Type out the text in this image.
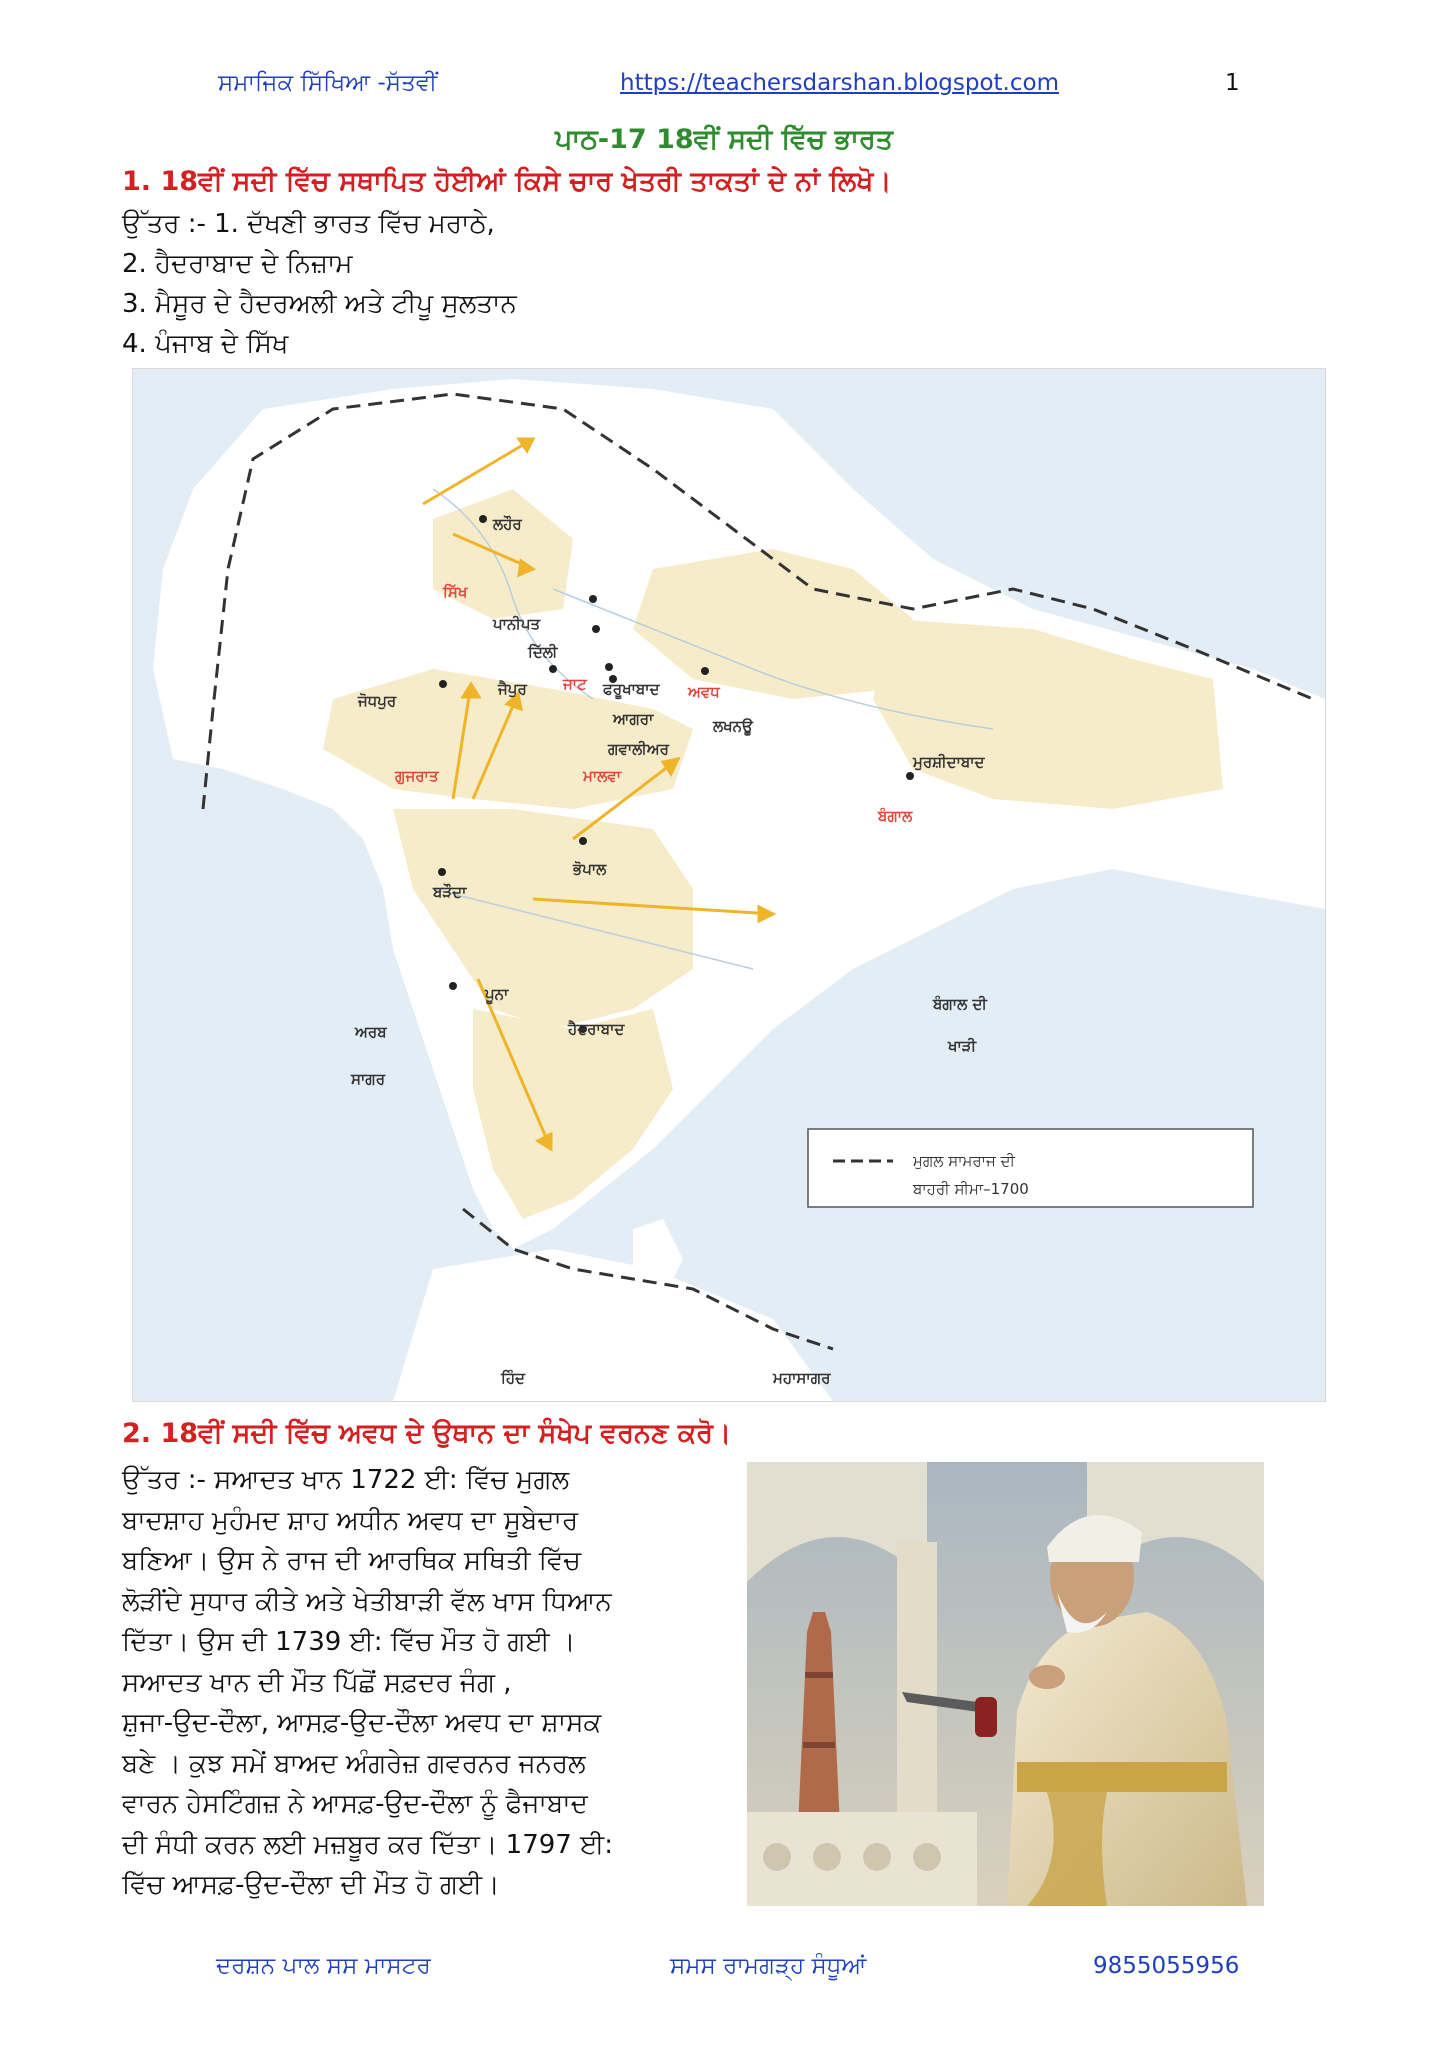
ਸਮਾਜਿਕ ਸਿੱਖਿਆ -ਸੱਤਵੀਂ	https://teachersdarshan.blogspot.com	1
ਪਾਠ-17 18ਵੀਂ ਸਦੀ ਵਿੱਚ ਭਾਰਤ
1. 18ਵੀਂ ਸਦੀ ਵਿੱਚ ਸਥਾਪਿਤ ਹੋਈਆਂ ਕਿਸੇ ਚਾਰ ਖੇਤਰੀ ਤਾਕਤਾਂ ਦੇ ਨਾਂ ਲਿਖੋ।
ਉੱਤਰ :- 1. ਦੱਖਣੀ ਭਾਰਤ ਵਿੱਚ ਮਰਾਠੇ,
2. ਹੈਦਰਾਬਾਦ ਦੇ ਨਿਜ਼ਾਮ
3. ਮੈਸੂਰ ਦੇ ਹੈਦਰਅਲੀ ਅਤੇ ਟੀਪੂ ਸੁਲਤਾਨ
4. ਪੰਜਾਬ ਦੇ ਸਿੱਖ
ਲਹੌਰ
ਸਿੱਖ
ਪਾਨੀਪਤ
ਦਿੱਲੀ
ਜੈਪੁਰ ਜਾਟ ਫਰੂਖਾਬਾਦ
ਜੋਧਪੁਰ
ਆਗਰਾ
ਗਵਾਲੀਅਰ
ਅਵਧ
ਲਖਨਊ
ਮੁਰਸ਼ੀਦਾਬਾਦ
ਗੁਜਰਾਤ	ਮਾਲਵਾ
ਭੋਪਾਲ
ਬੰਗਾਲ
ਬੜੌਦਾ
ਪੂਨਾ
ਹੈਦਰਾਬਾਦ
ਅਰਬ
ਸਾਗਰ
ਬੰਗਾਲ ਦੀ
ਖਾੜੀ
ਹਿੰਦ	ਮਹਾਸਾਗਰ
ਮੁਗਲ ਸਾਮਰਾਜ ਦੀ
ਬਾਹਰੀ ਸੀਮਾ–1700
2. 18ਵੀਂ ਸਦੀ ਵਿੱਚ ਅਵਧ ਦੇ ਉਥਾਨ ਦਾ ਸੰਖੇਪ ਵਰਨਣ ਕਰੋ।
ਉੱਤਰ :- ਸਆਦਤ ਖਾਨ 1722 ਈ: ਵਿੱਚ ਮੁਗਲ
ਬਾਦਸ਼ਾਹ ਮੁਹੰਮਦ ਸ਼ਾਹ ਅਧੀਨ ਅਵਧ ਦਾ ਸੂਬੇਦਾਰ
ਬਣਿਆ। ਉਸ ਨੇ ਰਾਜ ਦੀ ਆਰਥਿਕ ਸਥਿਤੀ ਵਿੱਚ
ਲੋੜੀਂਦੇ ਸੁਧਾਰ ਕੀਤੇ ਅਤੇ ਖੇਤੀਬਾੜੀ ਵੱਲ ਖਾਸ ਧਿਆਨ
ਦਿੱਤਾ। ਉਸ ਦੀ 1739 ਈ: ਵਿੱਚ ਮੌਤ ਹੋ ਗਈ ।
ਸਆਦਤ ਖਾਨ ਦੀ ਮੌਤ ਪਿੱਛੋਂ ਸਫ਼ਦਰ ਜੰਗ ,
ਸ਼ੁਜਾ-ਉਦ-ਦੌਲਾ, ਆਸਫ਼-ਉਦ-ਦੌਲਾ ਅਵਧ ਦਾ ਸ਼ਾਸਕ
ਬਣੇ । ਕੁਝ ਸਮੇਂ ਬਾਅਦ ਅੰਗਰੇਜ਼ ਗਵਰਨਰ ਜਨਰਲ
ਵਾਰਨ ਹੇਸਟਿੰਗਜ਼ ਨੇ ਆਸਫ਼-ਉਦ-ਦੌਲਾ ਨੂੰ ਫੈਜਾਬਾਦ
ਦੀ ਸੰਧੀ ਕਰਨ ਲਈ ਮਜ਼ਬੂਰ ਕਰ ਦਿੱਤਾ। 1797 ਈ:
ਵਿੱਚ ਆਸਫ਼-ਉਦ-ਦੌਲਾ ਦੀ ਮੌਤ ਹੋ ਗਈ।
ਦਰਸ਼ਨ ਪਾਲ ਸਸ ਮਾਸਟਰ	ਸਮਸ ਰਾਮਗੜ੍ਹ ਸੰਧੂਆਂ	9855055956
